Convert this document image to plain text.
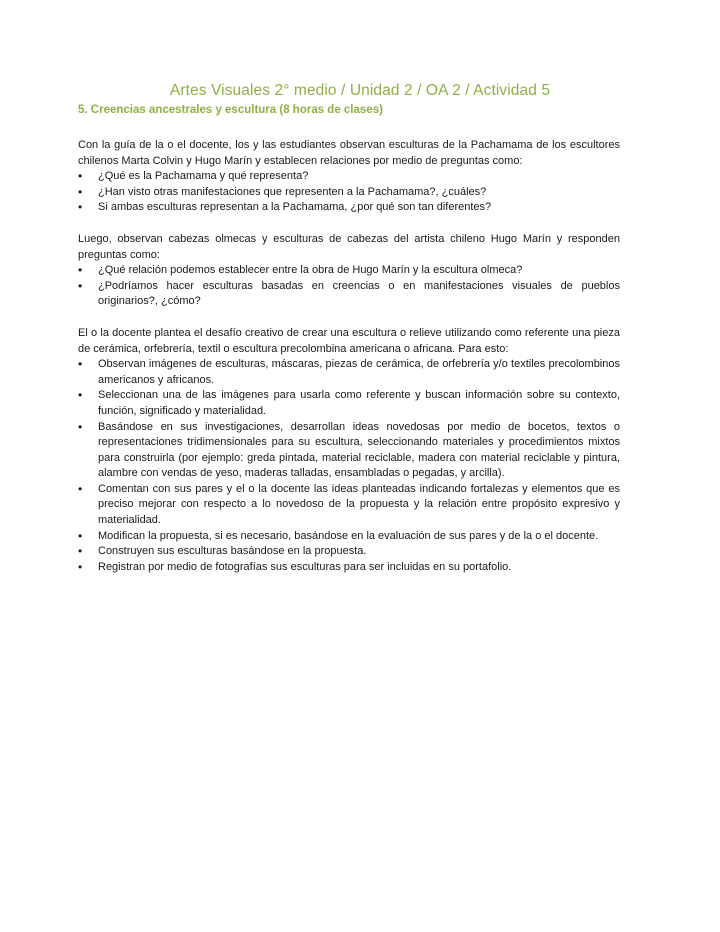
Artes Visuales 2° medio / Unidad 2 / OA 2 / Actividad 5
5. Creencias ancestrales y escultura (8 horas de clases)

Con la guía de la o el docente, los y las estudiantes observan esculturas de la Pachamama de los escultores chilenos Marta Colvin y Hugo Marín y establecen relaciones por medio de preguntas como:

• ¿Qué es la Pachamama y qué representa?
• ¿Han visto otras manifestaciones que representen a la Pachamama?, ¿cuáles?
• Si ambas esculturas representan a la Pachamama, ¿por qué son tan diferentes?

Luego, observan cabezas olmecas y esculturas de cabezas del artista chileno Hugo Marín y responden preguntas como:

• ¿Qué relación podemos establecer entre la obra de Hugo Marín y la escultura olmeca?
• ¿Podríamos hacer esculturas basadas en creencias o en manifestaciones visuales de pueblos originarios?, ¿cómo?

El o la docente plantea el desafío creativo de crear una escultura o relieve utilizando como referente una pieza de cerámica, orfebrería, textil o escultura precolombina americana o africana. Para esto:

• Observan imágenes de esculturas, máscaras, piezas de cerámica, de orfebrería y/o textiles precolombinos americanos y africanos.
• Seleccionan una de las imágenes para usarla como referente y buscan información sobre su contexto, función, significado y materialidad.
• Basándose en sus investigaciones, desarrollan ideas novedosas por medio de bocetos, textos o representaciones tridimensionales para su escultura, seleccionando materiales y procedimientos mixtos para construirla (por ejemplo: greda pintada, material reciclable, madera con material reciclable y pintura, alambre con vendas de yeso, maderas talladas, ensambladas o pegadas, y arcilla).
• Comentan con sus pares y el o la docente las ideas planteadas indicando fortalezas y elementos que es preciso mejorar con respecto a lo novedoso de la propuesta y la relación entre propósito expresivo y materialidad.
• Modifican la propuesta, si es necesario, basándose en la evaluación de sus pares y de la o el docente.
• Construyen sus esculturas basándose en la propuesta.
• Registran por medio de fotografías sus esculturas para ser incluidas en su portafolio.
